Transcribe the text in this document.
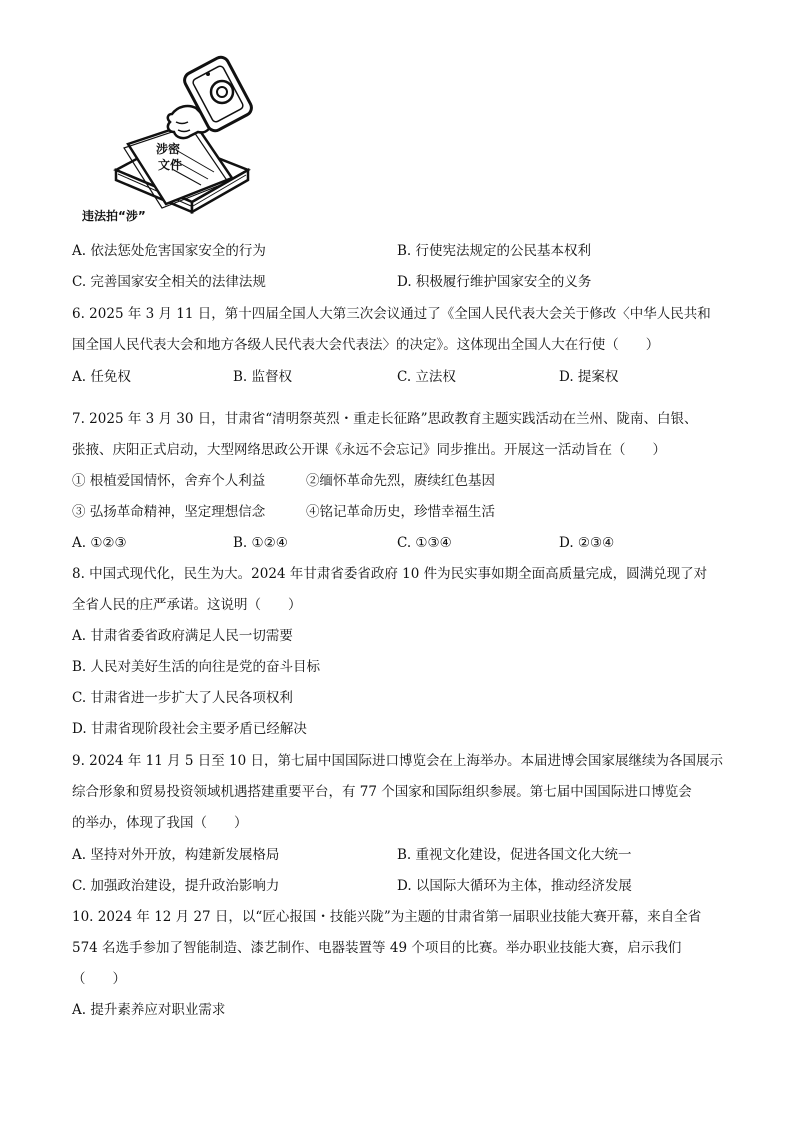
涉密
文件
违法拍“涉”
A. 依法惩处危害国家安全的行为	B. 行使宪法规定的公民基本权利
C. 完善国家安全相关的法律法规	D. 积极履行维护国家安全的义务
6. 2025 年 3 月 11 日，第十四届全国人大第三次会议通过了《全国人民代表大会关于修改〈中华人民共和
国全国人民代表大会和地方各级人民代表大会代表法〉的决定》。这体现出全国人大在行使（　　）
A. 任免权	B. 监督权	C. 立法权	D. 提案权
7. 2025 年 3 月 30 日，甘肃省“清明祭英烈・重走长征路”思政教育主题实践活动在兰州、陇南、白银、
张掖、庆阳正式启动，大型网络思政公开课《永远不会忘记》同步推出。开展这一活动旨在（　　）
① 根植爱国情怀，舍弃个人利益	②缅怀革命先烈，赓续红色基因
③ 弘扬革命精神，坚定理想信念	④铭记革命历史，珍惜幸福生活
A. ①②③	B. ①②④	C. ①③④	D. ②③④
8. 中国式现代化，民生为大。2024 年甘肃省委省政府 10 件为民实事如期全面高质量完成，圆满兑现了对
全省人民的庄严承诺。这说明（　　）
A. 甘肃省委省政府满足人民一切需要
B. 人民对美好生活的向往是党的奋斗目标
C. 甘肃省进一步扩大了人民各项权利
D. 甘肃省现阶段社会主要矛盾已经解决
9. 2024 年 11 月 5 日至 10 日，第七届中国国际进口博览会在上海举办。本届进博会国家展继续为各国展示
综合形象和贸易投资领域机遇搭建重要平台，有 77 个国家和国际组织参展。第七届中国国际进口博览会
的举办，体现了我国（　　）
A. 坚持对外开放，构建新发展格局	B. 重视文化建设，促进各国文化大统一
C. 加强政治建设，提升政治影响力	D. 以国际大循环为主体，推动经济发展
10. 2024 年 12 月 27 日，以“匠心报国・技能兴陇”为主题的甘肃省第一届职业技能大赛开幕，来自全省
574 名选手参加了智能制造、漆艺制作、电器装置等 49 个项目的比赛。举办职业技能大赛，启示我们
（　　）
A. 提升素养应对职业需求
